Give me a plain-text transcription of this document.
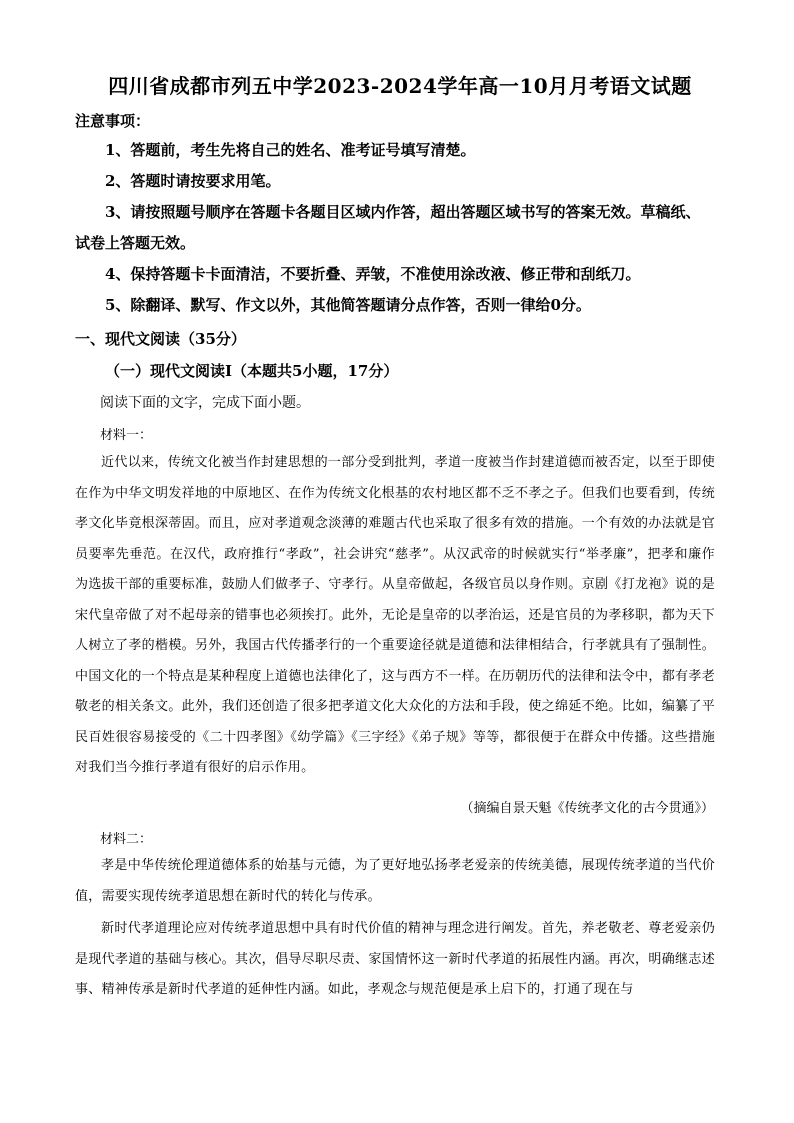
四川省成都市列五中学2023-2024学年高一10月月考语文试题
注意事项：

1、答题前，考生先将自己的姓名、准考证号填写清楚。

2、答题时请按要求用笔。

3、请按照题号顺序在答题卡各题目区域内作答，超出答题区域书写的答案无效。草稿纸、试卷上答题无效。

4、保持答题卡卡面清洁，不要折叠、弄皱，不准使用涂改液、修正带和刮纸刀。

5、除翻译、默写、作文以外，其他简答题请分点作答，否则一律给0分。

一、现代文阅读（35分）
（一）现代文阅读Ⅰ（本题共5小题，17分）
阅读下面的文字，完成下面小题。
材料一：

近代以来，传统文化被当作封建思想的一部分受到批判，孝道一度被当作封建道德而被否定，以至于即使在作为中华文明发祥地的中原地区、在作为传统文化根基的农村地区都不乏不孝之子。但我们也要看到，传统孝文化毕竟根深蒂固。而且，应对孝道观念淡薄的难题古代也采取了很多有效的措施。一个有效的办法就是官员要率先垂范。在汉代，政府推行“孝政”，社会讲究“慈孝”。从汉武帝的时候就实行“举孝廉”，把孝和廉作为选拔干部的重要标准，鼓励人们做孝子、守孝行。从皇帝做起，各级官员以身作则。京剧《打龙袍》说的是宋代皇帝做了对不起母亲的错事也必须挨打。此外，无论是皇帝的以孝治运，还是官员的为孝移职，都为天下人树立了孝的楷模。另外，我国古代传播孝行的一个重要途径就是道德和法律相结合，行孝就具有了强制性。中国文化的一个特点是某种程度上道德也法律化了，这与西方不一样。在历朝历代的法律和法令中，都有孝老敬老的相关条文。此外，我们还创造了很多把孝道文化大众化的方法和手段，使之绵延不绝。比如，编纂了平民百姓很容易接受的《二十四孝图》《幼学篇》《三字经》《弟子规》等等，都很便于在群众中传播。这些措施对我们当今推行孝道有很好的启示作用。

（摘编自景天魁《传统孝文化的古今贯通》）
材料二：

孝是中华传统伦理道德体系的始基与元德，为了更好地弘扬孝老爱亲的传统美德，展现传统孝道的当代价值，需要实现传统孝道思想在新时代的转化与传承。

新时代孝道理论应对传统孝道思想中具有时代价值的精神与理念进行阐发。首先，养老敬老、尊老爱亲仍是现代孝道的基础与核心。其次，倡导尽职尽责、家国情怀这一新时代孝道的拓展性内涵。再次，明确继志述事、精神传承是新时代孝道的延伸性内涵。如此，孝观念与规范便是承上启下的，打通了现在与
